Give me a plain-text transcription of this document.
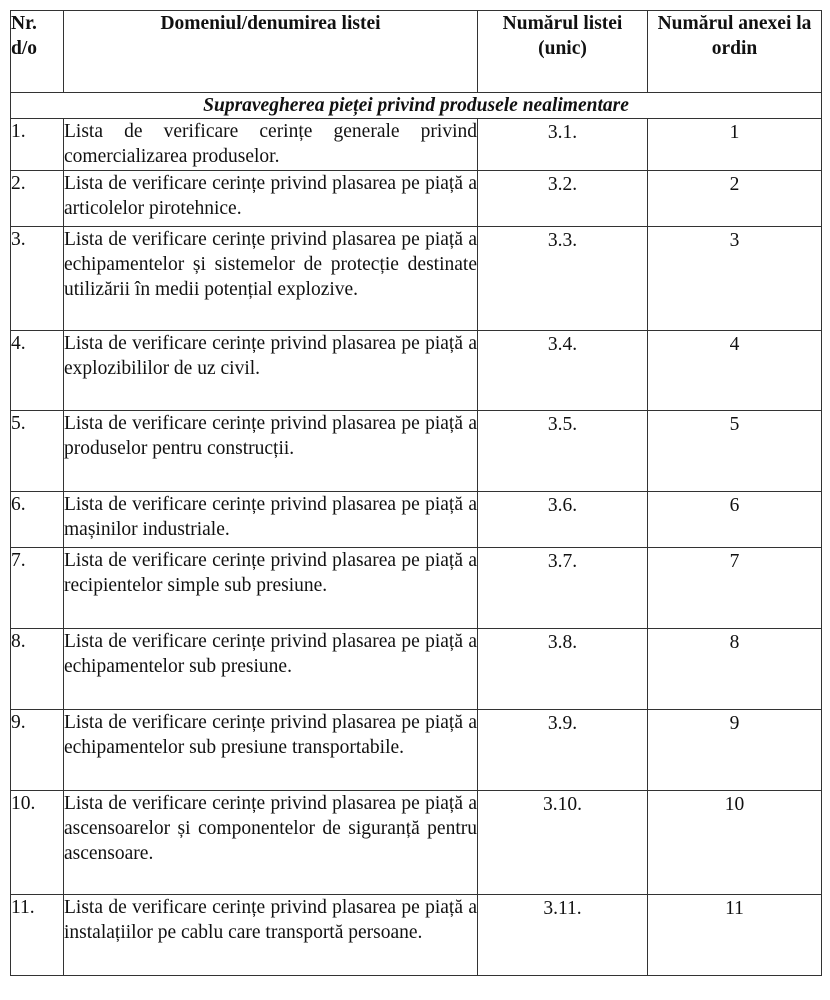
Nr.
d/o	Domeniul/denumirea listei	Numărul listei (unic)	Numărul anexei la ordin
Supravegherea pieței privind produsele nealimentare			
1.	Lista de verificare cerințe generale privind comercializarea produselor.	3.1.	1
2.	Lista de verificare cerințe privind plasarea pe piață a articolelor pirotehnice.	3.2.	2
3.	Lista de verificare cerințe privind plasarea pe piață a echipamentelor și sistemelor de protecție destinate utilizării în medii potențial explozive.	3.3.	3
4.	Lista de verificare cerințe privind plasarea pe piață a explozibililor de uz civil.	3.4.	4
5.	Lista de verificare cerințe privind plasarea pe piață a produselor pentru construcții.	3.5.	5
6.	Lista de verificare cerințe privind plasarea pe piață a mașinilor industriale.	3.6.	6
7.	Lista de verificare cerințe privind plasarea pe piață a recipientelor simple sub presiune.	3.7.	7
8.	Lista de verificare cerințe privind plasarea pe piață a echipamentelor sub presiune.	3.8.	8
9.	Lista de verificare cerințe privind plasarea pe piață a echipamentelor sub presiune transportabile.	3.9.	9
10.	Lista de verificare cerințe privind plasarea pe piață a ascensoarelor și componentelor de siguranță pentru ascensoare.	3.10.	10
11.	Lista de verificare cerințe privind plasarea pe piață a instalațiilor pe cablu care transportă persoane.	3.11.	11
